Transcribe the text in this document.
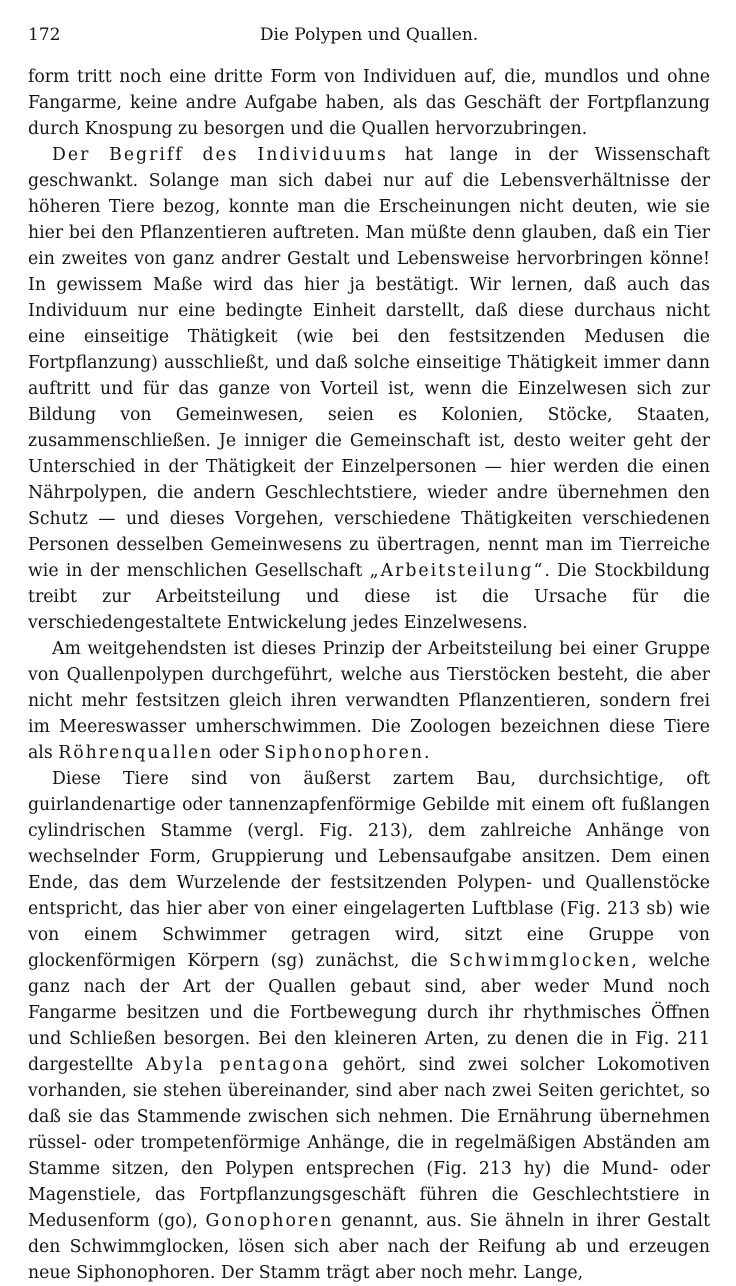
172	Die Polypen und Quallen.

form tritt noch eine dritte Form von Individuen auf, die, mundlos und ohne Fangarme, keine andre Aufgabe haben, als das Geschäft der Fortpflanzung durch Knospung zu besorgen und die Quallen hervorzubringen.

Der Begriff des Individuums hat lange in der Wissenschaft geschwankt. Solange man sich dabei nur auf die Lebensverhältnisse der höheren Tiere bezog, konnte man die Erscheinungen nicht deuten, wie sie hier bei den Pflanzentieren auftreten. Man müßte denn glauben, daß ein Tier ein zweites von ganz andrer Gestalt und Lebensweise hervorbringen könne! In gewissem Maße wird das hier ja bestätigt. Wir lernen, daß auch das Individuum nur eine bedingte Einheit darstellt, daß diese durchaus nicht eine einseitige Thätigkeit (wie bei den festsitzenden Medusen die Fortpflanzung) ausschließt, und daß solche einseitige Thätigkeit immer dann auftritt und für das ganze von Vorteil ist, wenn die Einzelwesen sich zur Bildung von Gemeinwesen, seien es Kolonien, Stöcke, Staaten, zusammenschließen. Je inniger die Gemeinschaft ist, desto weiter geht der Unterschied in der Thätigkeit der Einzelpersonen — hier werden die einen Nährpolypen, die andern Geschlechtstiere, wieder andre übernehmen den Schutz — und dieses Vorgehen, verschiedene Thätigkeiten verschiedenen Personen desselben Gemeinwesens zu übertragen, nennt man im Tierreiche wie in der menschlichen Gesellschaft „Arbeitsteilung“. Die Stockbildung treibt zur Arbeitsteilung und diese ist die Ursache für die verschiedengestaltete Entwickelung jedes Einzelwesens.

Am weitgehendsten ist dieses Prinzip der Arbeitsteilung bei einer Gruppe von Quallenpolypen durchgeführt, welche aus Tierstöcken besteht, die aber nicht mehr festsitzen gleich ihren verwandten Pflanzentieren, sondern frei im Meereswasser umherschwimmen. Die Zoologen bezeichnen diese Tiere als Röhrenquallen oder Siphonophoren.

Diese Tiere sind von äußerst zartem Bau, durchsichtige, oft guirlandenartige oder tannenzapfenförmige Gebilde mit einem oft fußlangen cylindrischen Stamme (vergl. Fig. 213), dem zahlreiche Anhänge von wechselnder Form, Gruppierung und Lebensaufgabe ansitzen. Dem einen Ende, das dem Wurzelende der festsitzenden Polypen- und Quallenstöcke entspricht, das hier aber von einer eingelagerten Luftblase (Fig. 213 sb) wie von einem Schwimmer getragen wird, sitzt eine Gruppe von glockenförmigen Körpern (sg) zunächst, die Schwimmglocken, welche ganz nach der Art der Quallen gebaut sind, aber weder Mund noch Fangarme besitzen und die Fortbewegung durch ihr rhythmisches Öffnen und Schließen besorgen. Bei den kleineren Arten, zu denen die in Fig. 211 dargestellte Abyla pentagona gehört, sind zwei solcher Lokomotiven vorhanden, sie stehen übereinander, sind aber nach zwei Seiten gerichtet, so daß sie das Stammende zwischen sich nehmen. Die Ernährung übernehmen rüssel- oder trompetenförmige Anhänge, die in regelmäßigen Abständen am Stamme sitzen, den Polypen entsprechen (Fig. 213 hy) die Mund- oder Magenstiele, das Fortpflanzungsgeschäft führen die Geschlechtstiere in Medusenform (go), Gonophoren genannt, aus. Sie ähneln in ihrer Gestalt den Schwimmglocken, lösen sich aber nach der Reifung ab und erzeugen neue Siphonophoren. Der Stamm trägt aber noch mehr. Lange,
